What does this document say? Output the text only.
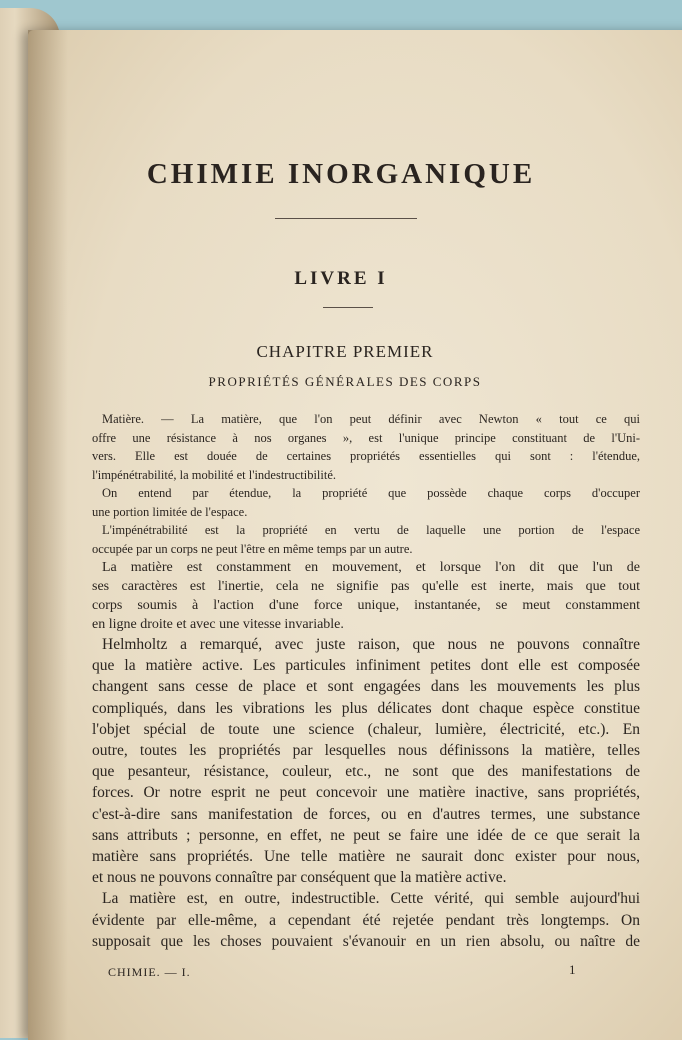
CHIMIE INORGANIQUE
LIVRE I
CHAPITRE PREMIER
PROPRIÉTÉS GÉNÉRALES DES CORPS
Matière. — La matière, que l'on peut définir avec Newton « tout ce qui
offre une résistance à nos organes », est l'unique principe constituant de l'Uni-
vers. Elle est douée de certaines propriétés essentielles qui sont : l'étendue,
l'impénétrabilité, la mobilité et l'indestructibilité.
On entend par étendue, la propriété que possède chaque corps d'occuper
une portion limitée de l'espace.
L'impénétrabilité est la propriété en vertu de laquelle une portion de l'espace
occupée par un corps ne peut l'être en même temps par un autre.
La matière est constamment en mouvement, et lorsque l'on dit que l'un de
ses caractères est l'inertie, cela ne signifie pas qu'elle est inerte, mais que tout
corps soumis à l'action d'une force unique, instantanée, se meut constamment
en ligne droite et avec une vitesse invariable.
Helmholtz a remarqué, avec juste raison, que nous ne pouvons connaître
que la matière active. Les particules infiniment petites dont elle est composée
changent sans cesse de place et sont engagées dans les mouvements les plus
compliqués, dans les vibrations les plus délicates dont chaque espèce constitue
l'objet spécial de toute une science (chaleur, lumière, électricité, etc.). En
outre, toutes les propriétés par lesquelles nous définissons la matière, telles
que pesanteur, résistance, couleur, etc., ne sont que des manifestations de
forces. Or notre esprit ne peut concevoir une matière inactive, sans propriétés,
c'est-à-dire sans manifestation de forces, ou en d'autres termes, une substance
sans attributs ; personne, en effet, ne peut se faire une idée de ce que serait la
matière sans propriétés. Une telle matière ne saurait donc exister pour nous,
et nous ne pouvons connaître par conséquent que la matière active.
La matière est, en outre, indestructible. Cette vérité, qui semble aujourd'hui
évidente par elle-même, a cependant été rejetée pendant très longtemps. On
supposait que les choses pouvaient s'évanouir en un rien absolu, ou naître de
CHIMIE. — I.	1
